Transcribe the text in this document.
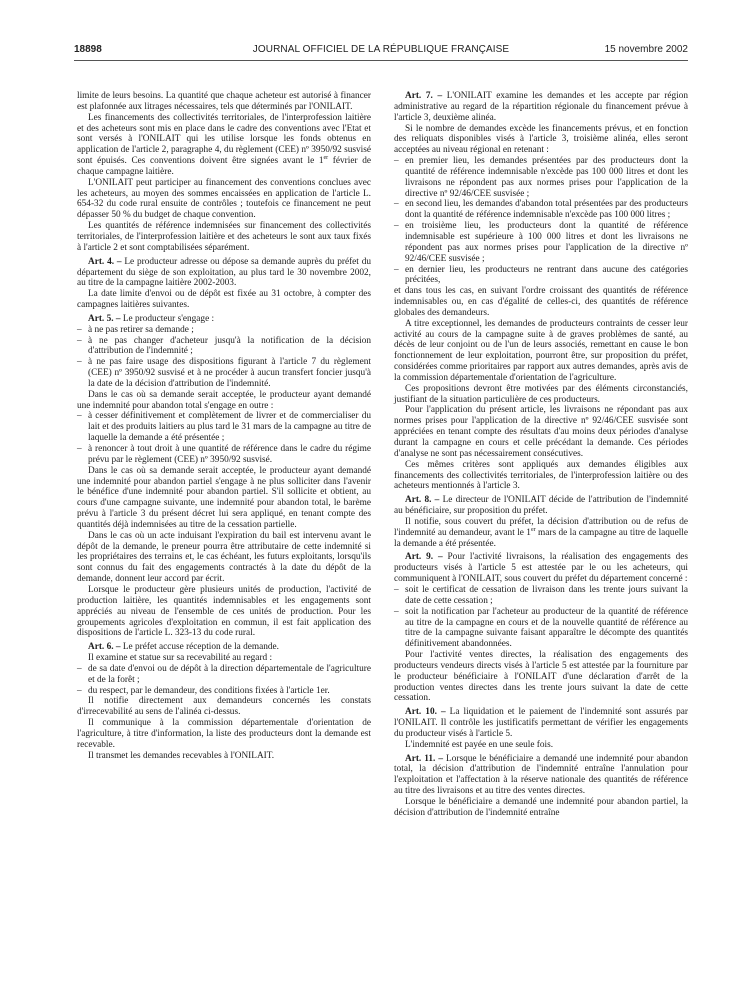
18898	JOURNAL OFFICIEL DE LA RÉPUBLIQUE FRANÇAISE	15 novembre 2002

limite de leurs besoins. La quantité que chaque acheteur est autorisé à financer est plafonnée aux litrages nécessaires, tels que déterminés par l'ONILAIT.

Les financements des collectivités territoriales, de l'interprofession laitière et des acheteurs sont mis en place dans le cadre des conventions avec l'Etat et sont versés à l'ONILAIT qui les utilise lorsque les fonds obtenus en application de l'article 2, paragraphe 4, du règlement (CEE) nº 3950/92 susvisé sont épuisés. Ces conventions doivent être signées avant le 1er février de chaque campagne laitière.

L'ONILAIT peut participer au financement des conventions conclues avec les acheteurs, au moyen des sommes encaissées en application de l'article L. 654-32 du code rural ensuite de contrôles ; toutefois ce financement ne peut dépasser 50 % du budget de chaque convention.

Les quantités de référence indemnisées sur financement des collectivités territoriales, de l'interprofession laitière et des acheteurs le sont aux taux fixés à l'article 2 et sont comptabilisées séparément.

Art. 4. – Le producteur adresse ou dépose sa demande auprès du préfet du département du siège de son exploitation, au plus tard le 30 novembre 2002, au titre de la campagne laitière 2002-2003.

La date limite d'envoi ou de dépôt est fixée au 31 octobre, à compter des campagnes laitières suivantes.

Art. 5. – Le producteur s'engage :

– à ne pas retirer sa demande ;
– à ne pas changer d'acheteur jusqu'à la notification de la décision d'attribution de l'indemnité ;
– à ne pas faire usage des dispositions figurant à l'article 7 du règlement (CEE) nº 3950/92 susvisé et à ne procéder à aucun transfert foncier jusqu'à la date de la décision d'attribution de l'indemnité.

Dans le cas où sa demande serait acceptée, le producteur ayant demandé une indemnité pour abandon total s'engage en outre :

– à cesser définitivement et complètement de livrer et de commercialiser du lait et des produits laitiers au plus tard le 31 mars de la campagne au titre de laquelle la demande a été présentée ;
– à renoncer à tout droit à une quantité de référence dans le cadre du régime prévu par le règlement (CEE) nº 3950/92 susvisé.

Dans le cas où sa demande serait acceptée, le producteur ayant demandé une indemnité pour abandon partiel s'engage à ne plus solliciter dans l'avenir le bénéfice d'une indemnité pour abandon partiel. S'il sollicite et obtient, au cours d'une campagne suivante, une indemnité pour abandon total, le barème prévu à l'article 3 du présent décret lui sera appliqué, en tenant compte des quantités déjà indemnisées au titre de la cessation partielle.

Dans le cas où un acte induisant l'expiration du bail est intervenu avant le dépôt de la demande, le preneur pourra être attributaire de cette indemnité si les propriétaires des terrains et, le cas échéant, les futurs exploitants, lorsqu'ils sont connus du fait des engagements contractés à la date du dépôt de la demande, donnent leur accord par écrit.

Lorsque le producteur gère plusieurs unités de production, l'activité de production laitière, les quantités indemnisables et les engagements sont appréciés au niveau de l'ensemble de ces unités de production. Pour les groupements agricoles d'exploitation en commun, il est fait application des dispositions de l'article L. 323-13 du code rural.

Art. 6. – Le préfet accuse réception de la demande.

Il examine et statue sur sa recevabilité au regard :

– de sa date d'envoi ou de dépôt à la direction départementale de l'agriculture et de la forêt ;
– du respect, par le demandeur, des conditions fixées à l'article 1er.

Il notifie directement aux demandeurs concernés les constats d'irrecevabilité au sens de l'alinéa ci-dessus.

Il communique à la commission départementale d'orientation de l'agriculture, à titre d'information, la liste des producteurs dont la demande est recevable.

Il transmet les demandes recevables à l'ONILAIT.

Art. 7. – L'ONILAIT examine les demandes et les accepte par région administrative au regard de la répartition régionale du financement prévue à l'article 3, deuxième alinéa.

Si le nombre de demandes excède les financements prévus, et en fonction des reliquats disponibles visés à l'article 3, troisième alinéa, elles seront acceptées au niveau régional en retenant :

– en premier lieu, les demandes présentées par des producteurs dont la quantité de référence indemnisable n'excède pas 100 000 litres et dont les livraisons ne répondent pas aux normes prises pour l'application de la directive nº 92/46/CEE susvisée ;
– en second lieu, les demandes d'abandon total présentées par des producteurs dont la quantité de référence indemnisable n'excède pas 100 000 litres ;
– en troisième lieu, les producteurs dont la quantité de référence indemnisable est supérieure à 100 000 litres et dont les livraisons ne répondent pas aux normes prises pour l'application de la directive nº 92/46/CEE susvisée ;
– en dernier lieu, les producteurs ne rentrant dans aucune des catégories précitées,

et dans tous les cas, en suivant l'ordre croissant des quantités de référence indemnisables ou, en cas d'égalité de celles-ci, des quantités de référence globales des demandeurs.

A titre exceptionnel, les demandes de producteurs contraints de cesser leur activité au cours de la campagne suite à de graves problèmes de santé, au décès de leur conjoint ou de l'un de leurs associés, remettant en cause le bon fonctionnement de leur exploitation, pourront être, sur proposition du préfet, considérées comme prioritaires par rapport aux autres demandes, après avis de la commission départementale d'orientation de l'agriculture.

Ces propositions devront être motivées par des éléments circonstanciés, justifiant de la situation particulière de ces producteurs.

Pour l'application du présent article, les livraisons ne répondant pas aux normes prises pour l'application de la directive nº 92/46/CEE susvisée sont appréciées en tenant compte des résultats d'au moins deux périodes d'analyse durant la campagne en cours et celle précédant la demande. Ces périodes d'analyse ne sont pas nécessairement consécutives.

Ces mêmes critères sont appliqués aux demandes éligibles aux financements des collectivités territoriales, de l'interprofession laitière ou des acheteurs mentionnés à l'article 3.

Art. 8. – Le directeur de l'ONILAIT décide de l'attribution de l'indemnité au bénéficiaire, sur proposition du préfet.

Il notifie, sous couvert du préfet, la décision d'attribution ou de refus de l'indemnité au demandeur, avant le 1er mars de la campagne au titre de laquelle la demande a été présentée.

Art. 9. – Pour l'activité livraisons, la réalisation des engagements des producteurs visés à l'article 5 est attestée par le ou les acheteurs, qui communiquent à l'ONILAIT, sous couvert du préfet du département concerné :

– soit le certificat de cessation de livraison dans les trente jours suivant la date de cette cessation ;
– soit la notification par l'acheteur au producteur de la quantité de référence au titre de la campagne en cours et de la nouvelle quantité de référence au titre de la campagne suivante faisant apparaître le décompte des quantités définitivement abandonnées.

Pour l'activité ventes directes, la réalisation des engagements des producteurs vendeurs directs visés à l'article 5 est attestée par la fourniture par le producteur bénéficiaire à l'ONILAIT d'une déclaration d'arrêt de la production ventes directes dans les trente jours suivant la date de cette cessation.

Art. 10. – La liquidation et le paiement de l'indemnité sont assurés par l'ONILAIT. Il contrôle les justificatifs permettant de vérifier les engagements du producteur visés à l'article 5.

L'indemnité est payée en une seule fois.

Art. 11. – Lorsque le bénéficiaire a demandé une indemnité pour abandon total, la décision d'attribution de l'indemnité entraîne l'annulation pour l'exploitation et l'affectation à la réserve nationale des quantités de référence au titre des livraisons et au titre des ventes directes.

Lorsque le bénéficiaire a demandé une indemnité pour abandon partiel, la décision d'attribution de l'indemnité entraîne
